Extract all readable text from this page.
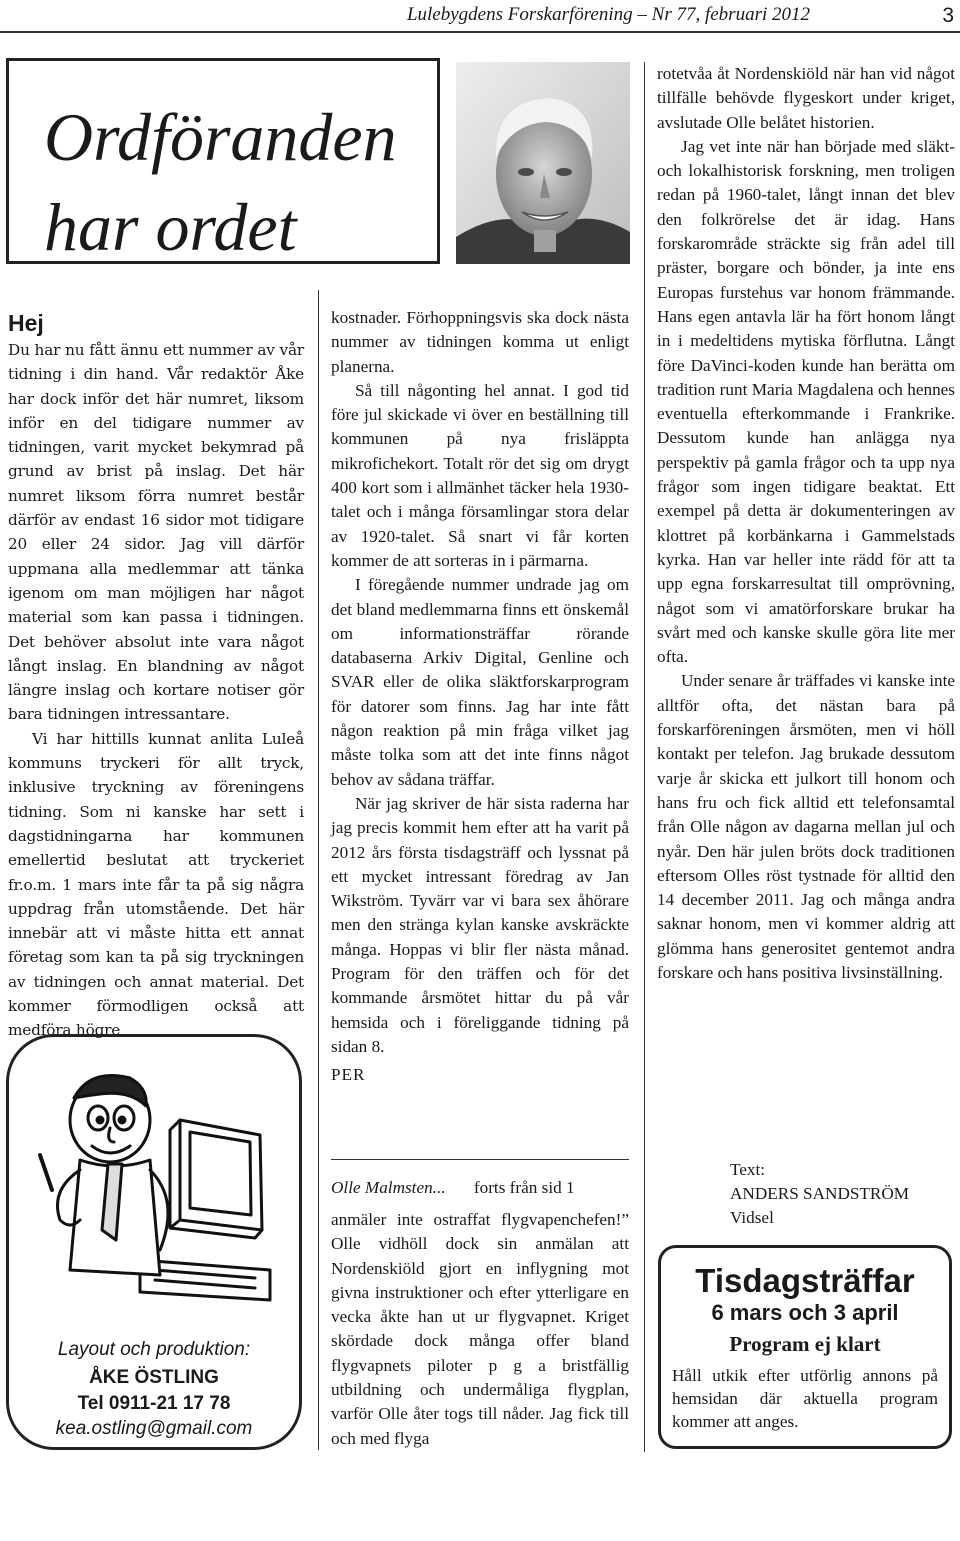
Lulebygdens Forskarförening – Nr 77, februari 2012	3
Ordföranden
har ordet
Hej

Du har nu fått ännu ett nummer av vår tidning i din hand. Vår redaktör Åke har dock inför det här numret, liksom inför en del tidigare nummer av tidningen, varit mycket bekymrad på grund av brist på inslag. Det här numret liksom förra numret består därför av endast 16 sidor mot tidigare 20 eller 24 sidor. Jag vill därför uppmana alla medlemmar att tänka igenom om man möjligen har något material som kan passa i tidningen. Det behöver absolut inte vara något långt inslag. En blandning av något längre inslag och kortare notiser gör bara tidningen intressantare.

Vi har hittills kunnat anlita Luleå kommuns tryckeri för allt tryck, inklusive tryckning av föreningens tidning. Som ni kanske har sett i dagstidningarna har kommunen emellertid beslutat att tryckeriet fr.o.m. 1 mars inte får ta på sig några uppdrag från utomstående. Det här innebär att vi måste hitta ett annat företag som kan ta på sig tryckningen av tidningen och annat material. Det kommer förmodligen också att medföra högre

kostnader. Förhoppningsvis ska dock nästa nummer av tidningen komma ut enligt planerna.

Så till någonting hel annat. I god tid före jul skickade vi över en beställning till kommunen på nya frisläppta mikrofichekort. Totalt rör det sig om drygt 400 kort som i allmänhet täcker hela 1930-talet och i många församlingar stora delar av 1920-talet. Så snart vi får korten kommer de att sorteras in i pärmarna.

I föregående nummer undrade jag om det bland medlemmarna finns ett önskemål om informationsträffar rörande databaserna Arkiv Digital, Genline och SVAR eller de olika släktforskarprogram för datorer som finns. Jag har inte fått någon reaktion på min fråga vilket jag måste tolka som att det inte finns något behov av sådana träffar.

När jag skriver de här sista raderna har jag precis kommit hem efter att ha varit på 2012 års första tisdagsträff och lyssnat på ett mycket intressant föredrag av Jan Wikström. Tyvärr var vi bara sex åhörare men den stränga kylan kanske avskräckte många. Hoppas vi blir fler nästa månad. Program för den träffen och för det kommande årsmötet hittar du på vår hemsida och i föreliggande tidning på sidan 8.

PER

Olle Malmsten... forts från sid 1

anmäler inte ostraffat flygvapenchefen!” Olle vidhöll dock sin anmälan att Nordenskiöld gjort en inflygning mot givna instruktioner och efter ytterligare en vecka åkte han ut ur flygvapnet. Kriget skördade dock många offer bland flygvapnets piloter p g a bristfällig utbildning och undermåliga flygplan, varför Olle åter togs till nåder. Jag fick till och med flyga

rotetvåa åt Nordenskiöld när han vid något tillfälle behövde flygeskort under kriget, avslutade Olle belåtet historien.

Jag vet inte när han började med släkt- och lokalhistorisk forskning, men troligen redan på 1960-talet, långt innan det blev den folkrörelse det är idag. Hans forskarområde sträckte sig från adel till präster, borgare och bönder, ja inte ens Europas furstehus var honom främmande. Hans egen antavla lär ha fört honom långt in i medeltidens mytiska förflutna. Långt före DaVinci-koden kunde han berätta om tradition runt Maria Magdalena och hennes eventuella efterkommande i Frankrike. Dessutom kunde han anlägga nya perspektiv på gamla frågor och ta upp nya frågor som ingen tidigare beaktat. Ett exempel på detta är dokumenteringen av klottret på korbänkarna i Gammelstads kyrka. Han var heller inte rädd för att ta upp egna forskarresultat till omprövning, något som vi amatörforskare brukar ha svårt med och kanske skulle göra lite mer ofta.

Under senare år träffades vi kanske inte alltför ofta, det nästan bara på forskarföreningen årsmöten, men vi höll kontakt per telefon. Jag brukade dessutom varje år skicka ett julkort till honom och hans fru och fick alltid ett telefonsamtal från Olle någon av dagarna mellan jul och nyår. Den här julen bröts dock traditionen eftersom Olles röst tystnade för alltid den 14 december 2011. Jag och många andra saknar honom, men vi kommer aldrig att glömma hans generositet gentemot andra forskare och hans positiva livsinställning.

Text:
ANDERS SANDSTRÖM
Vidsel
Layout och produktion:
ÅKE ÖSTLING
Tel 0911-21 17 78
kea.ostling@gmail.com
Tisdagsträffar
6 mars och 3 april
Program ej klart
Håll utkik efter utförlig annons på hemsidan där aktuella program kommer att anges.
